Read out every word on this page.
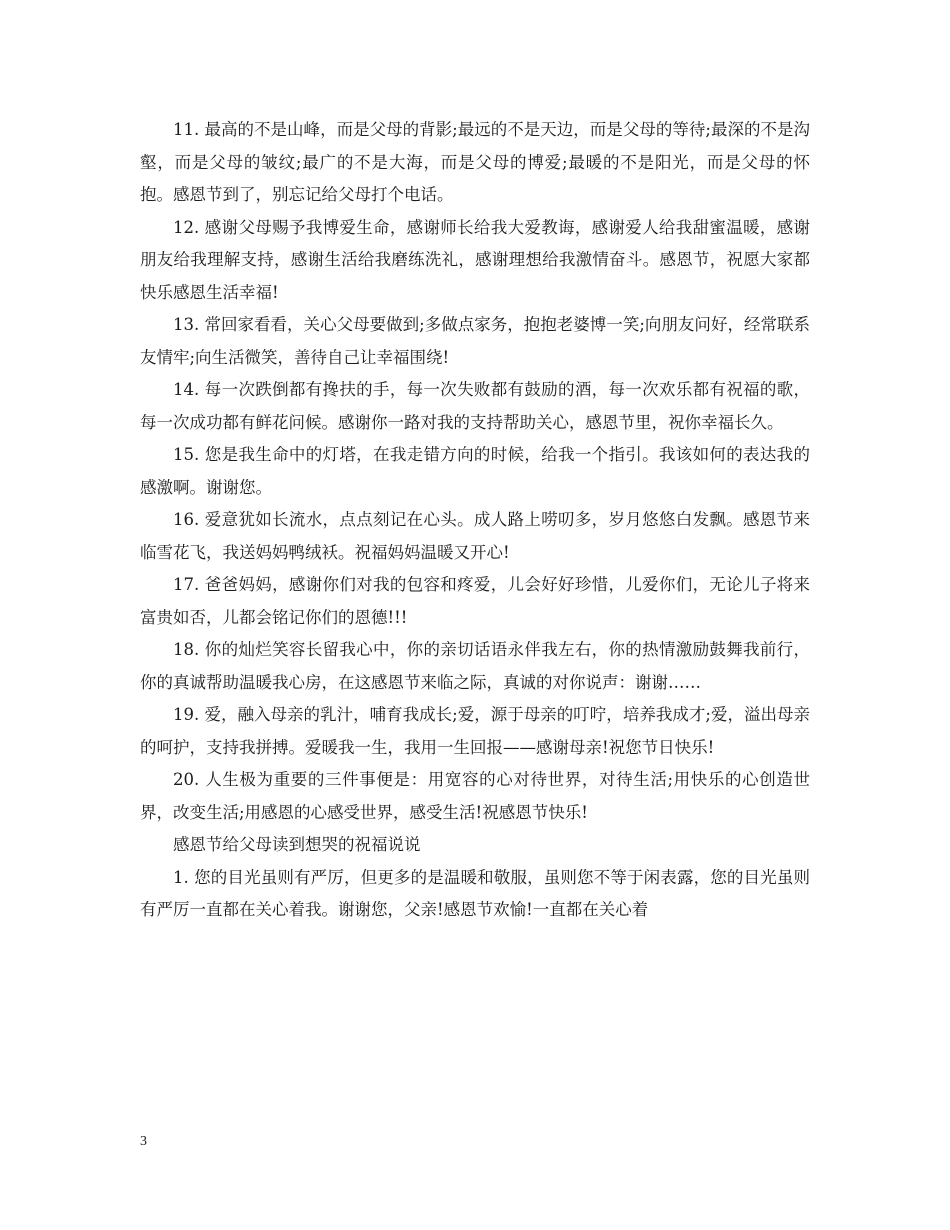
11. 最高的不是山峰，而是父母的背影;最远的不是天边，而是父母的等待;最深的不是沟壑，而是父母的皱纹;最广的不是大海，而是父母的博爱;最暖的不是阳光，而是父母的怀抱。感恩节到了，别忘记给父母打个电话。

12. 感谢父母赐予我博爱生命，感谢师长给我大爱教诲，感谢爱人给我甜蜜温暖，感谢朋友给我理解支持，感谢生活给我磨练洗礼，感谢理想给我激情奋斗。感恩节，祝愿大家都快乐感恩生活幸福!

13. 常回家看看，关心父母要做到;多做点家务，抱抱老婆博一笑;向朋友问好，经常联系友情牢;向生活微笑，善待自己让幸福围绕!

14. 每一次跌倒都有搀扶的手，每一次失败都有鼓励的酒，每一次欢乐都有祝福的歌，每一次成功都有鲜花问候。感谢你一路对我的支持帮助关心，感恩节里，祝你幸福长久。

15. 您是我生命中的灯塔，在我走错方向的时候，给我一个指引。我该如何的表达我的感激啊。谢谢您。

16. 爱意犹如长流水，点点刻记在心头。成人路上唠叨多，岁月悠悠白发飘。感恩节来临雪花飞，我送妈妈鸭绒袄。祝福妈妈温暖又开心!

17. 爸爸妈妈，感谢你们对我的包容和疼爱，儿会好好珍惜，儿爱你们，无论儿子将来富贵如否，儿都会铭记你们的恩德!!!

18. 你的灿烂笑容长留我心中，你的亲切话语永伴我左右，你的热情激励鼓舞我前行，你的真诚帮助温暖我心房，在这感恩节来临之际，真诚的对你说声：谢谢……

19. 爱，融入母亲的乳汁，哺育我成长;爱，源于母亲的叮咛，培养我成才;爱，溢出母亲的呵护，支持我拼搏。爱暖我一生，我用一生回报——感谢母亲!祝您节日快乐!

20. 人生极为重要的三件事便是：用宽容的心对待世界，对待生活;用快乐的心创造世界，改变生活;用感恩的心感受世界，感受生活!祝感恩节快乐!

感恩节给父母读到想哭的祝福说说

1. 您的目光虽则有严厉，但更多的是温暖和敬服，虽则您不等于闲表露，您的目光虽则有严厉一直都在关心着我。谢谢您，父亲!感恩节欢愉!一直都在关心着

3
